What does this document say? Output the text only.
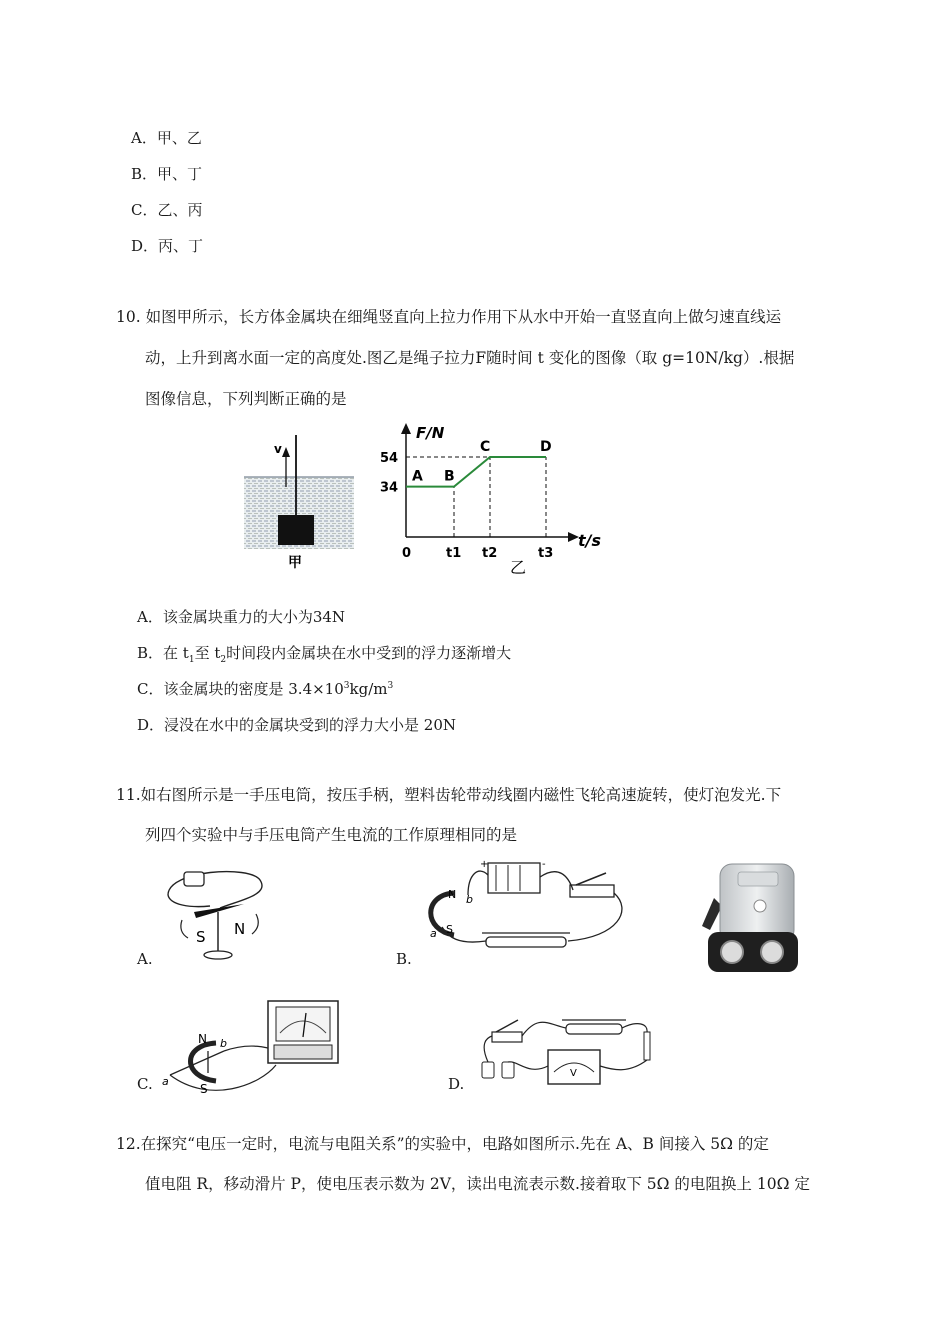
A．甲、乙
B．甲、丁
C．乙、丙
D．丙、丁
10. 如图甲所示，长方体金属块在细绳竖直向上拉力作用下从水中开始一直竖直向上做匀速直线运
动，上升到离水面一定的高度处.图乙是绳子拉力F随时间 t 变化的图像（取 g=10N/kg）.根据
图像信息，下列判断正确的是
v
甲
F/N
t/s
34
54
0	t1 t2	t3
A B
C	D
乙
A．该金属块重力的大小为34N
B．在 $t_1$至 $t_2$时间段内金属块在水中受到的浮力逐渐增大
C．该金属块的密度是 $3.4\times 10^3kg/m^3$
D．浸没在水中的金属块受到的浮力大小是 20N
11.如右图所示是一手压电筒，按压手柄，塑料齿轮带动线圈内磁性飞轮高速旋转，使灯泡发光.下
列四个实验中与手压电筒产生电流的工作原理相同的是
S N
A.
+	-
N
S
a
b
B.
N
S
a
b
C.
V
D.
12.在探究“电压一定时，电流与电阻关系”的实验中，电路如图所示.先在 A、B 间接入 5Ω 的定
值电阻 R，移动滑片 P，使电压表示数为 2V，读出电流表示数.接着取下 5Ω 的电阻换上 10Ω 定
